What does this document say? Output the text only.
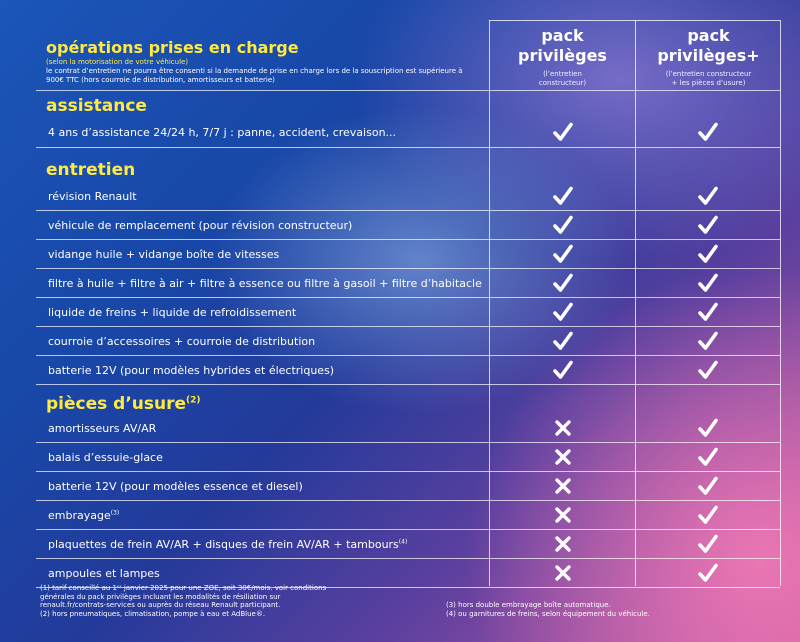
pack
privilèges
(l’entretien
constructeur)
pack
privilèges+
(l’entretien constructeur
+ les pièces d’usure)
opérations prises en charge
(selon la motorisation de votre véhicule)
le contrat d’entretien ne pourra être consenti si la demande de prise en charge lors de la souscription est supérieure à 900€ TTC (hors courroie de distribution, amortisseurs et batterie)
assistance
entretien
pièces d’usure$^{(2)}$
4 ans d’assistance 24/24 h, 7/7 j : panne, accident, crevaison...
révision Renault
véhicule de remplacement (pour révision constructeur)
vidange huile + vidange boîte de vitesses
filtre à huile + filtre à air + filtre à essence ou filtre à gasoil + filtre d’habitacle
liquide de freins + liquide de refroidissement
courroie d’accessoires + courroie de distribution
batterie 12V (pour modèles hybrides et électriques)
amortisseurs AV/AR
balais d’essuie-glace
batterie 12V (pour modèles essence et diesel)
embrayage$^{(3)}$
plaquettes de frein AV/AR + disques de frein AV/AR + tambours$^{(4)}$
ampoules et lampes
(1) tarif conseillé au 1ᵉʳ janvier 2025 pour une ZOE, soit 30€/mois. voir conditions
générales du pack privilèges incluant les modalités de résiliation sur
renault.fr/contrats-services ou auprès du réseau Renault participant.
(2) hors pneumatiques, climatisation, pompe à eau et AdBlue®.
(3) hors double embrayage boîte automatique.
(4) ou garnitures de freins, selon équipement du véhicule.
